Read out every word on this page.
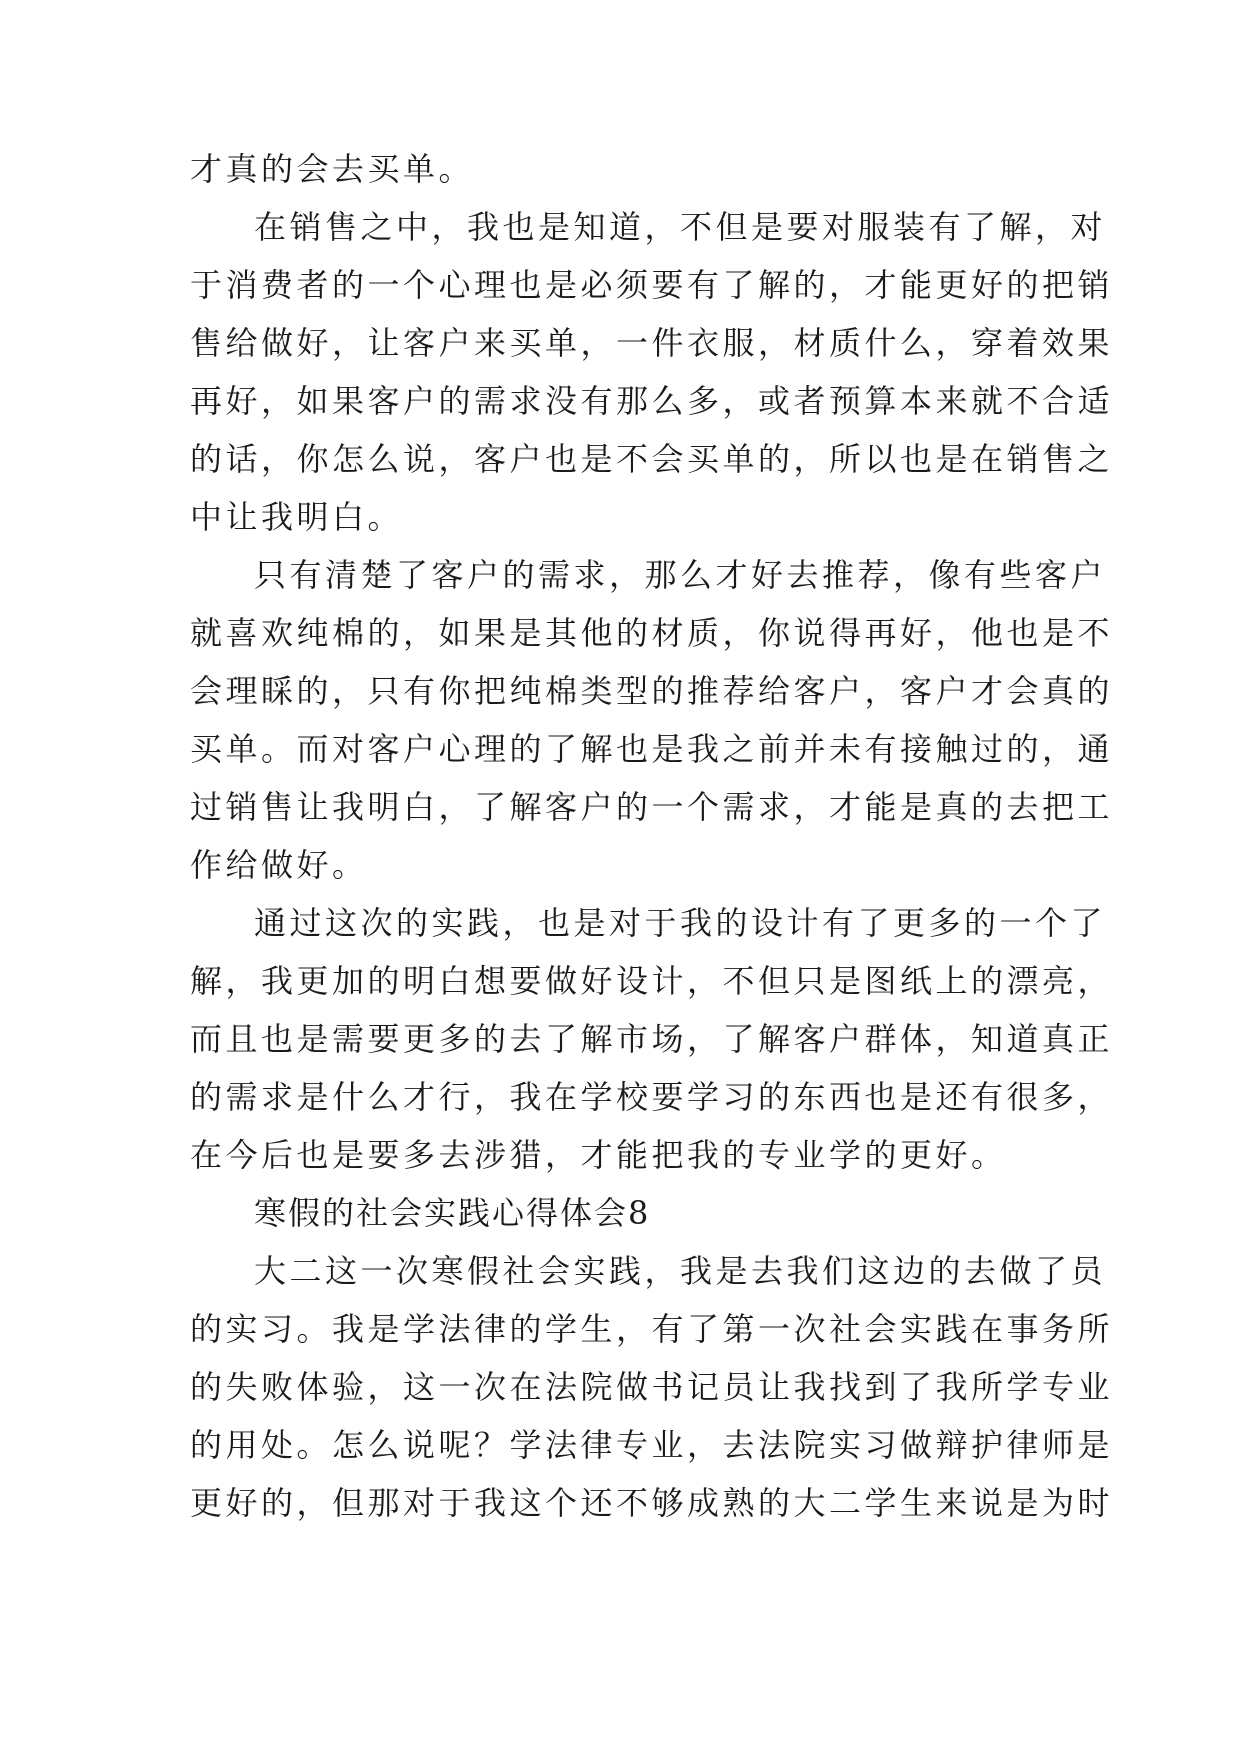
才真的会去买单。
在销售之中，我也是知道，不但是要对服装有了解，对
于消费者的一个心理也是必须要有了解的，才能更好的把销
售给做好，让客户来买单，一件衣服，材质什么，穿着效果
再好，如果客户的需求没有那么多，或者预算本来就不合适
的话，你怎么说，客户也是不会买单的，所以也是在销售之
中让我明白。
只有清楚了客户的需求，那么才好去推荐，像有些客户
就喜欢纯棉的，如果是其他的材质，你说得再好，他也是不
会理睬的，只有你把纯棉类型的推荐给客户，客户才会真的
买单。而对客户心理的了解也是我之前并未有接触过的，通
过销售让我明白，了解客户的一个需求，才能是真的去把工
作给做好。
通过这次的实践，也是对于我的设计有了更多的一个了
解，我更加的明白想要做好设计，不但只是图纸上的漂亮，
而且也是需要更多的去了解市场，了解客户群体，知道真正
的需求是什么才行，我在学校要学习的东西也是还有很多，
在今后也是要多去涉猎，才能把我的专业学的更好。
寒假的社会实践心得体会8
大二这一次寒假社会实践，我是去我们这边的去做了员
的实习。我是学法律的学生，有了第一次社会实践在事务所
的失败体验，这一次在法院做书记员让我找到了我所学专业
的用处。怎么说呢？学法律专业，去法院实习做辩护律师是
更好的，但那对于我这个还不够成熟的大二学生来说是为时
